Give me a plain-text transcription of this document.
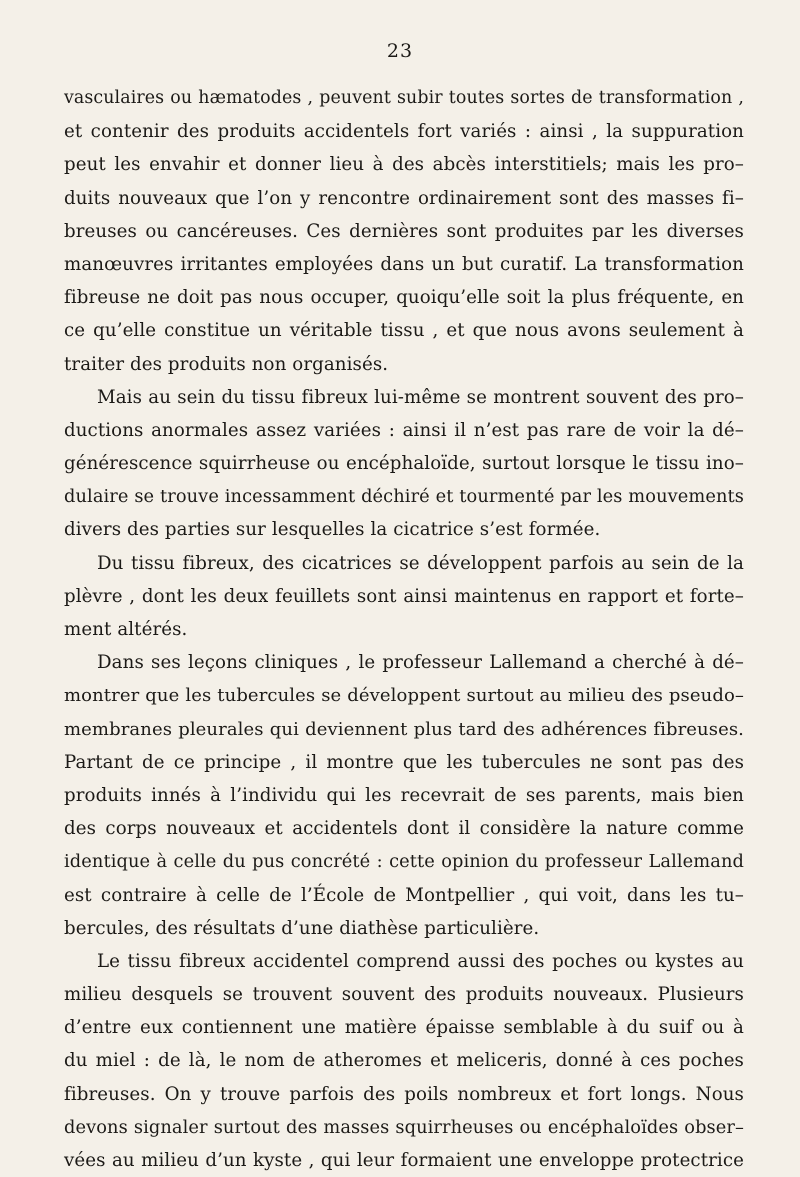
23
vasculaires ou hæmatodes , peuvent subir toutes sortes de transformation ,
et contenir des produits accidentels fort variés : ainsi , la suppuration
peut les envahir et donner lieu à des abcès interstitiels; mais les pro–
duits nouveaux que l’on y rencontre ordinairement sont des masses fi–
breuses ou cancéreuses. Ces dernières sont produites par les diverses
manœuvres irritantes employées dans un but curatif. La transformation
fibreuse ne doit pas nous occuper, quoiqu’elle soit la plus fréquente, en
ce qu’elle constitue un véritable tissu , et que nous avons seulement à
traiter des produits non organisés.
Mais au sein du tissu fibreux lui-même se montrent souvent des pro–
ductions anormales assez variées : ainsi il n’est pas rare de voir la dé–
générescence squirrheuse ou encéphaloïde, surtout lorsque le tissu ino–
dulaire se trouve incessamment déchiré et tourmenté par les mouvements
divers des parties sur lesquelles la cicatrice s’est formée.
Du tissu fibreux, des cicatrices se développent parfois au sein de la
plèvre , dont les deux feuillets sont ainsi maintenus en rapport et forte–
ment altérés.
Dans ses leçons cliniques , le professeur Lallemand a cherché à dé–
montrer que les tubercules se développent surtout au milieu des pseudo–
membranes pleurales qui deviennent plus tard des adhérences fibreuses.
Partant de ce principe , il montre que les tubercules ne sont pas des
produits innés à l’individu qui les recevrait de ses parents, mais bien
des corps nouveaux et accidentels dont il considère la nature comme
identique à celle du pus concrété : cette opinion du professeur Lallemand
est contraire à celle de l’École de Montpellier , qui voit, dans les tu–
bercules, des résultats d’une diathèse particulière.
Le tissu fibreux accidentel comprend aussi des poches ou kystes au
milieu desquels se trouvent souvent des produits nouveaux. Plusieurs
d’entre eux contiennent une matière épaisse semblable à du suif ou à
du miel : de là, le nom de atheromes et meliceris, donné à ces poches
fibreuses. On y trouve parfois des poils nombreux et fort longs. Nous
devons signaler surtout des masses squirrheuses ou encéphaloïdes obser–
vées au milieu d’un kyste , qui leur formaient une enveloppe protectrice
